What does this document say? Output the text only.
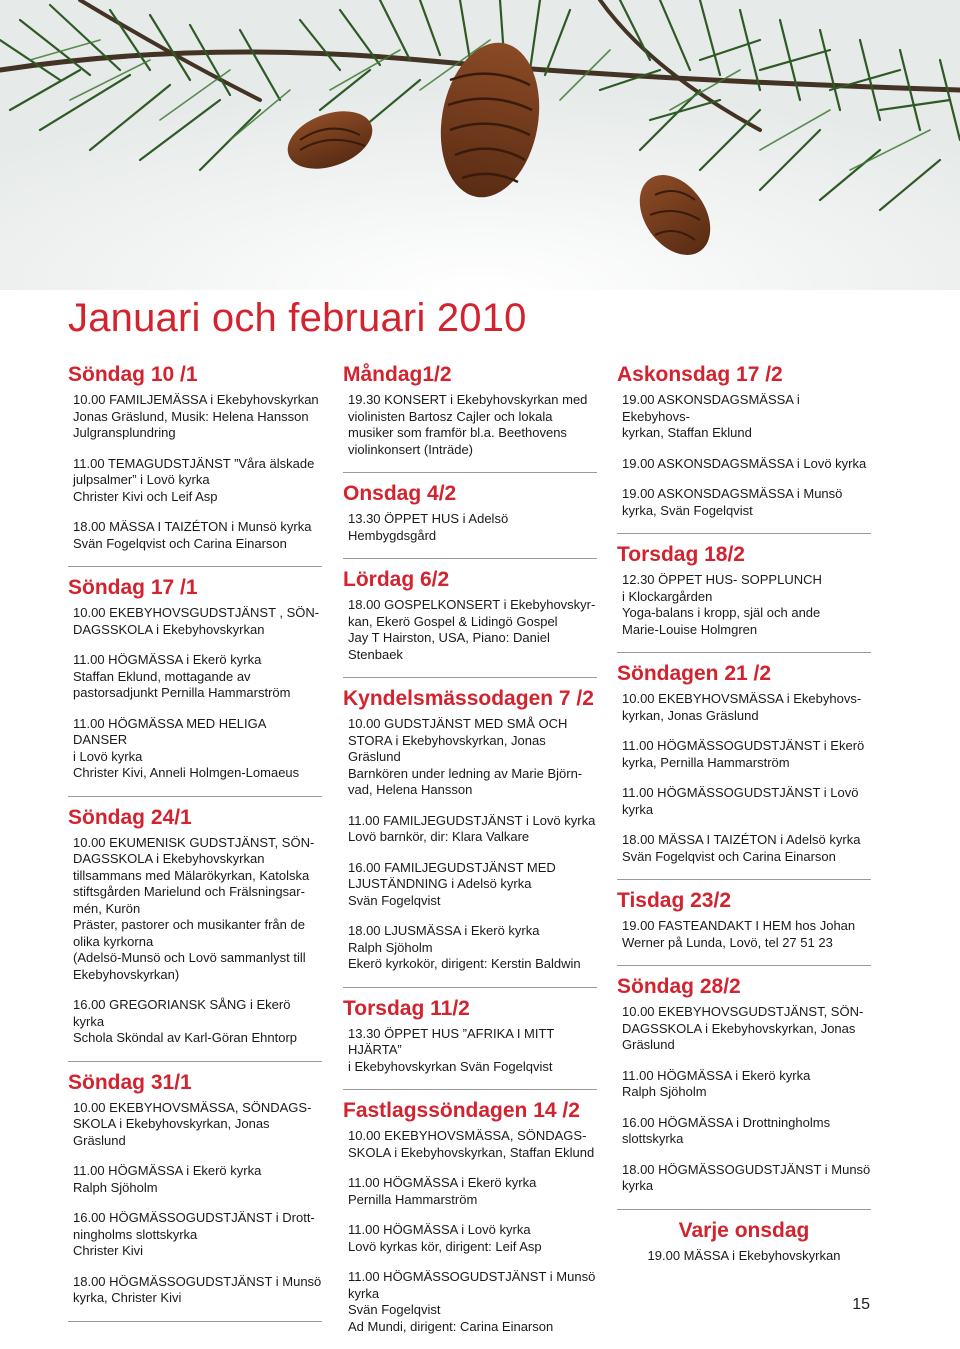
Januari och februari 2010
Söndag 10 /1
10.00 FAMILJEMÄSSA i Ekebyhovskyrkan
Jonas Gräslund, Musik: Helena Hansson
Julgransplundring
11.00 TEMAGUDSTJÄNST ”Våra älskade
julpsalmer” i Lovö kyrka
Christer Kivi och Leif Asp
18.00 MÄSSA I TAIZÉTON i Munsö kyrka
Svän Fogelqvist och Carina Einarson
Söndag 17 /1
10.00 EKEBYHOVSGUDSTJÄNST , SÖN-
DAGSSKOLA i Ekebyhovskyrkan
11.00 HÖGMÄSSA i Ekerö kyrka
Staffan Eklund, mottagande av
pastorsadjunkt Pernilla Hammarström
11.00 HÖGMÄSSA MED HELIGA DANSER
i Lovö kyrka
Christer Kivi, Anneli Holmgen-Lomaeus
Söndag 24/1
10.00 EKUMENISK GUDSTJÄNST, SÖN-
DAGSSKOLA i Ekebyhovskyrkan
tillsammans med Mälarökyrkan, Katolska
stiftsgården Marielund och Frälsningsar-
mén, Kurön
Präster, pastorer och musikanter från de
olika kyrkorna
(Adelsö-Munsö och Lovö sammanlyst till
Ekebyhovskyrkan)
16.00 GREGORIANSK SÅNG i Ekerö kyrka
Schola Sköndal av Karl-Göran Ehntorp
Söndag 31/1
10.00 EKEBYHOVSMÄSSA, SÖNDAGS-
SKOLA i Ekebyhovskyrkan, Jonas Gräslund
11.00 HÖGMÄSSA i Ekerö kyrka
Ralph Sjöholm
16.00 HÖGMÄSSOGUDSTJÄNST i Drott-
ningholms slottskyrka
Christer Kivi
18.00 HÖGMÄSSOGUDSTJÄNST i Munsö
kyrka, Christer Kivi
Måndag1/2
19.30 KONSERT i Ekebyhovskyrkan med
violinisten Bartosz Cajler och lokala
musiker som framför bl.a. Beethovens
violinkonsert (Inträde)
Onsdag 4/2
13.30 ÖPPET HUS i Adelsö Hembygdsgård
Lördag 6/2
18.00 GOSPELKONSERT i Ekebyhovskyr-
kan, Ekerö Gospel & Lidingö Gospel
Jay T Hairston, USA, Piano: Daniel Stenbaek
Kyndelsmässodagen 7 /2
10.00 GUDSTJÄNST MED SMÅ OCH
STORA i Ekebyhovskyrkan, Jonas Gräslund
Barnkören under ledning av Marie Björn-
vad, Helena Hansson
11.00 FAMILJEGUDSTJÄNST i Lovö kyrka
Lovö barnkör, dir: Klara Valkare
16.00 FAMILJEGUDSTJÄNST MED
LJUSTÄNDNING i Adelsö kyrka
Svän Fogelqvist
18.00 LJUSMÄSSA i Ekerö kyrka
Ralph Sjöholm
Ekerö kyrkokör, dirigent: Kerstin Baldwin
Torsdag 11/2
13.30 ÖPPET HUS ”AFRIKA I MITT HJÄRTA”
i Ekebyhovskyrkan Svän Fogelqvist
Fastlagssöndagen 14 /2
10.00 EKEBYHOVSMÄSSA, SÖNDAGS-
SKOLA i Ekebyhovskyrkan, Staffan Eklund
11.00 HÖGMÄSSA i Ekerö kyrka
Pernilla Hammarström
11.00 HÖGMÄSSA i Lovö kyrka
Lovö kyrkas kör, dirigent: Leif Asp
11.00 HÖGMÄSSOGUDSTJÄNST i Munsö
kyrka
Svän Fogelqvist
Ad Mundi, dirigent: Carina Einarson
Askonsdag 17 /2
19.00 ASKONSDAGSMÄSSA i Ekebyhovs-
kyrkan, Staffan Eklund
19.00 ASKONSDAGSMÄSSA i Lovö kyrka
19.00 ASKONSDAGSMÄSSA i Munsö
kyrka, Svän Fogelqvist
Torsdag 18/2
12.30 ÖPPET HUS- SOPPLUNCH
i Klockargården
Yoga-balans i kropp, själ och ande
Marie-Louise Holmgren
Söndagen 21 /2
10.00 EKEBYHOVSMÄSSA i Ekebyhovs-
kyrkan, Jonas Gräslund
11.00 HÖGMÄSSOGUDSTJÄNST i Ekerö
kyrka, Pernilla Hammarström
11.00 HÖGMÄSSOGUDSTJÄNST i Lovö
kyrka
18.00 MÄSSA I TAIZÉTON i Adelsö kyrka
Svän Fogelqvist och Carina Einarson
Tisdag 23/2
19.00 FASTEANDAKT I HEM hos Johan
Werner på Lunda, Lovö, tel 27 51 23
Söndag 28/2
10.00 EKEBYHOVSGUDSTJÄNST, SÖN-
DAGSSKOLA i Ekebyhovskyrkan, Jonas
Gräslund
11.00 HÖGMÄSSA i Ekerö kyrka
Ralph Sjöholm
16.00 HÖGMÄSSA i Drottningholms
slottskyrka
18.00 HÖGMÄSSOGUDSTJÄNST i Munsö
kyrka
Varje onsdag
19.00 MÄSSA i Ekebyhovskyrkan
15
